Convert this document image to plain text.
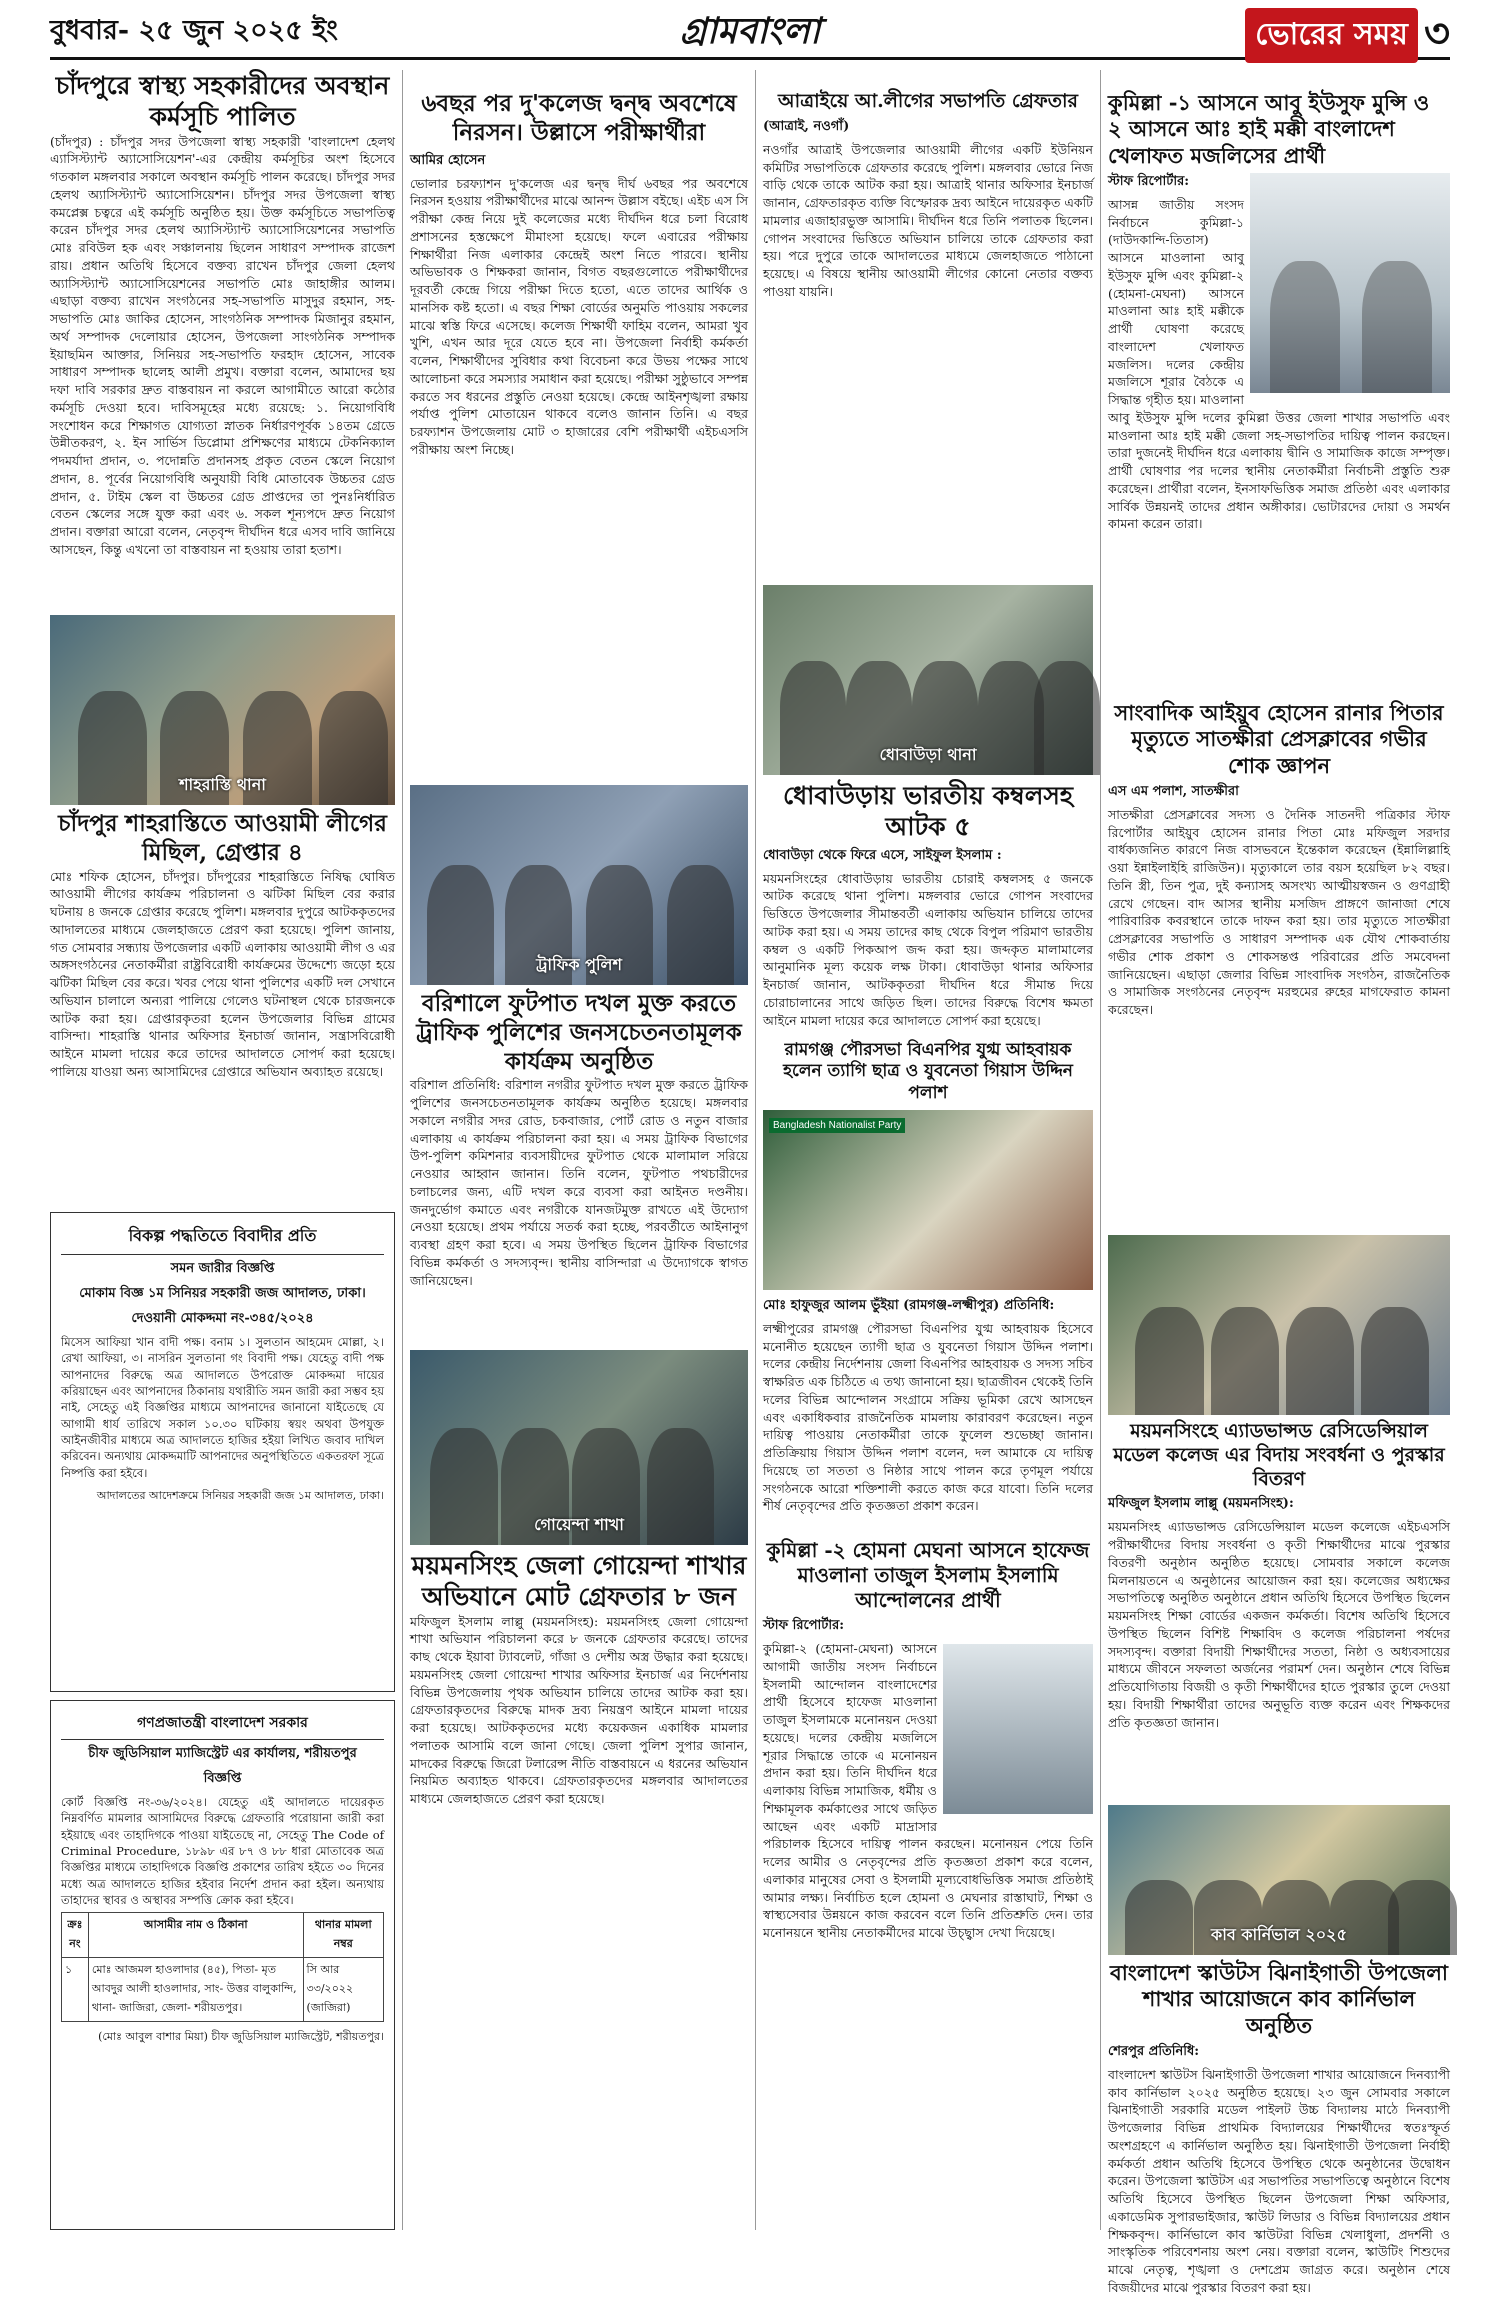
বুধবার- ২৫ জুন ২০২৫ ইং	গ্রামবাংলা	ভোরের সময় ৩
চাঁদপুরে স্বাস্থ্য সহকারীদের অবস্থান কর্মসূচি পালিত
(চাঁদপুর) : চাঁদপুর সদর উপজেলা স্বাস্থ্য সহকারী 'বাংলাদেশ হেলথ এ্যাসিস্ট্যান্ট অ্যাসোসিয়েশন'-এর কেন্দ্রীয় কর্মসূচির অংশ হিসেবে গতকাল মঙ্গলবার সকালে অবস্থান কর্মসূচি পালন করেছে। চাঁদপুর সদর হেলথ অ্যাসিস্ট্যান্ট অ্যাসোসিয়েশন। চাঁদপুর সদর উপজেলা স্বাস্থ্য কমপ্লেক্স চত্বরে এই কর্মসূচি অনুষ্ঠিত হয়। উক্ত কর্মসূচিতে সভাপতিত্ব করেন চাঁদপুর সদর হেলথ অ্যাসিস্ট্যান্ট অ্যাসোসিয়েশনের সভাপতি মোঃ রবিউল হক এবং সঞ্চালনায় ছিলেন সাধারণ সম্পাদক রাজেশ রায়। প্রধান অতিথি হিসেবে বক্তব্য রাখেন চাঁদপুর জেলা হেলথ অ্যাসিস্ট্যান্ট অ্যাসোসিয়েশনের সভাপতি মোঃ জাহাঙ্গীর আলম। এছাড়া বক্তব্য রাখেন সংগঠনের সহ-সভাপতি মাসুদুর রহমান, সহ-সভাপতি মোঃ জাকির হোসেন, সাংগঠনিক সম্পাদক মিজানুর রহমান, অর্থ সম্পাদক দেলোয়ার হোসেন, উপজেলা সাংগঠনিক সম্পাদক ইয়াছমিন আক্তার, সিনিয়র সহ-সভাপতি ফরহাদ হোসেন, সাবেক সাধারণ সম্পাদক ছালেহ আলী প্রমুখ। বক্তারা বলেন, আমাদের ছয় দফা দাবি সরকার দ্রুত বাস্তবায়ন না করলে আগামীতে আরো কঠোর কর্মসূচি দেওয়া হবে। দাবিসমূহের মধ্যে রয়েছে: ১. নিয়োগবিধি সংশোধন করে শিক্ষাগত যোগ্যতা স্নাতক নির্ধারণপূর্বক ১৪তম গ্রেডে উন্নীতকরণ, ২. ইন সার্ভিস ডিপ্লোমা প্রশিক্ষণের মাধ্যমে টেকনিক্যাল পদমর্যাদা প্রদান, ৩. পদোন্নতি প্রদানসহ প্রকৃত বেতন স্কেলে নিয়োগ প্রদান, ৪. পূর্বের নিয়োগবিধি অনুযায়ী বিধি মোতাবেক উচ্চতর গ্রেড প্রদান, ৫. টাইম স্কেল বা উচ্চতর গ্রেড প্রাপ্তদের তা পুনঃনির্ধারিত বেতন স্কেলের সঙ্গে যুক্ত করা এবং ৬. সকল শূন্যপদে দ্রুত নিয়োগ প্রদান। বক্তারা আরো বলেন, নেতৃবৃন্দ দীর্ঘদিন ধরে এসব দাবি জানিয়ে আসছেন, কিন্তু এখনো তা বাস্তবায়ন না হওয়ায় তারা হতাশ।
শাহরাস্তি থানা
চাঁদপুর শাহরাস্তিতে আওয়ামী লীগের মিছিল, গ্রেপ্তার ৪
মোঃ শফিক হোসেন, চাঁদপুর। চাঁদপুরের শাহরাস্তিতে নিষিদ্ধ ঘোষিত আওয়ামী লীগের কার্যক্রম পরিচালনা ও ঝটিকা মিছিল বের করার ঘটনায় ৪ জনকে গ্রেপ্তার করেছে পুলিশ। মঙ্গলবার দুপুরে আটককৃতদের আদালতের মাধ্যমে জেলহাজতে প্রেরণ করা হয়েছে। পুলিশ জানায়, গত সোমবার সন্ধ্যায় উপজেলার একটি এলাকায় আওয়ামী লীগ ও এর অঙ্গসংগঠনের নেতাকর্মীরা রাষ্ট্রবিরোধী কার্যক্রমের উদ্দেশ্যে জড়ো হয়ে ঝটিকা মিছিল বের করে। খবর পেয়ে থানা পুলিশের একটি দল সেখানে অভিযান চালালে অন্যরা পালিয়ে গেলেও ঘটনাস্থল থেকে চারজনকে আটক করা হয়। গ্রেপ্তারকৃতরা হলেন উপজেলার বিভিন্ন গ্রামের বাসিন্দা। শাহরাস্তি থানার অফিসার ইনচার্জ জানান, সন্ত্রাসবিরোধী আইনে মামলা দায়ের করে তাদের আদালতে সোপর্দ করা হয়েছে। পালিয়ে যাওয়া অন্য আসামিদের গ্রেপ্তারে অভিযান অব্যাহত রয়েছে।
বিকল্প পদ্ধতিতে বিবাদীর প্রতি
সমন জারীর বিজ্ঞপ্তি
মোকাম বিজ্ঞ ১ম সিনিয়র সহকারী জজ আদালত, ঢাকা।
দেওয়ানী মোকদ্দমা নং-৩৪৫/২০২৪
মিসেস আফিয়া খান বাদী পক্ষ। বনাম ১। সুলতান আহমেদ মোল্লা, ২। রেখা আফিয়া, ৩। নাসরিন সুলতানা গং বিবাদী পক্ষ। যেহেতু বাদী পক্ষ আপনাদের বিরুদ্ধে অত্র আদালতে উপরোক্ত মোকদ্দমা দায়ের করিয়াছেন এবং আপনাদের ঠিকানায় যথারীতি সমন জারী করা সম্ভব হয় নাই, সেহেতু এই বিজ্ঞপ্তির মাধ্যমে আপনাদের জানানো যাইতেছে যে আগামী ধার্য তারিখে সকাল ১০.৩০ ঘটিকায় স্বয়ং অথবা উপযুক্ত আইনজীবীর মাধ্যমে অত্র আদালতে হাজির হইয়া লিখিত জবাব দাখিল করিবেন। অন্যথায় মোকদ্দমাটি আপনাদের অনুপস্থিতিতে একতরফা সূত্রে নিষ্পত্তি করা হইবে।
আদালতের আদেশক্রমে সিনিয়র সহকারী জজ ১ম আদালত, ঢাকা।
গণপ্রজাতন্ত্রী বাংলাদেশ সরকার
চীফ জুডিসিয়াল ম্যাজিস্ট্রেট এর কার্যালয়, শরীয়তপুর
বিজ্ঞপ্তি
কোর্ট বিজ্ঞপ্তি নং-৩৬/২০২৪। যেহেতু এই আদালতে দায়েরকৃত নিম্নবর্ণিত মামলার আসামিদের বিরুদ্ধে গ্রেফতারি পরোয়ানা জারী করা হইয়াছে এবং তাহাদিগকে পাওয়া যাইতেছে না, সেহেতু The Code of Criminal Procedure, ১৮৯৮ এর ৮৭ ও ৮৮ ধারা মোতাবেক অত্র বিজ্ঞপ্তির মাধ্যমে তাহাদিগকে বিজ্ঞপ্তি প্রকাশের তারিখ হইতে ৩০ দিনের মধ্যে অত্র আদালতে হাজির হইবার নির্দেশ প্রদান করা হইল। অন্যথায় তাহাদের স্থাবর ও অস্থাবর সম্পত্তি ক্রোক করা হইবে।
ক্রঃ নং	আসামীর নাম ও ঠিকানা	থানার মামলা নম্বর
১	মোঃ আজমল হাওলাদার (৪৫), পিতা- মৃত আবদুর আলী হাওলাদার, সাং- উত্তর বালুকান্দি, থানা- জাজিরা, জেলা- শরীয়তপুর।	সি আর ৩৩/২০২২ (জাজিরা)
(মোঃ আবুল বাশার মিয়া) চীফ জুডিসিয়াল ম্যাজিস্ট্রেট, শরীয়তপুর।
৬বছর পর দু'কলেজ দ্বন্দ্ব অবশেষে নিরসন। উল্লাসে পরীক্ষার্থীরা
আমির হোসেন
ভোলার চরফ্যাশন দু'কলেজ এর দ্বন্দ্ব দীর্ঘ ৬বছর পর অবশেষে নিরসন হওয়ায় পরীক্ষার্থীদের মাঝে আনন্দ উল্লাস বইছে। এইচ এস সি পরীক্ষা কেন্দ্র নিয়ে দুই কলেজের মধ্যে দীর্ঘদিন ধরে চলা বিরোধ প্রশাসনের হস্তক্ষেপে মীমাংসা হয়েছে। ফলে এবারের পরীক্ষায় শিক্ষার্থীরা নিজ এলাকার কেন্দ্রেই অংশ নিতে পারবে। স্থানীয় অভিভাবক ও শিক্ষকরা জানান, বিগত বছরগুলোতে পরীক্ষার্থীদের দূরবর্তী কেন্দ্রে গিয়ে পরীক্ষা দিতে হতো, এতে তাদের আর্থিক ও মানসিক কষ্ট হতো। এ বছর শিক্ষা বোর্ডের অনুমতি পাওয়ায় সকলের মাঝে স্বস্তি ফিরে এসেছে। কলেজ শিক্ষার্থী ফাহিম বলেন, আমরা খুব খুশি, এখন আর দূরে যেতে হবে না। উপজেলা নির্বাহী কর্মকর্তা বলেন, শিক্ষার্থীদের সুবিধার কথা বিবেচনা করে উভয় পক্ষের সাথে আলোচনা করে সমস্যার সমাধান করা হয়েছে। পরীক্ষা সুষ্ঠুভাবে সম্পন্ন করতে সব ধরনের প্রস্তুতি নেওয়া হয়েছে। কেন্দ্রে আইনশৃঙ্খলা রক্ষায় পর্যাপ্ত পুলিশ মোতায়েন থাকবে বলেও জানান তিনি। এ বছর চরফ্যাশন উপজেলায় মোট ৩ হাজারের বেশি পরীক্ষার্থী এইচএসসি পরীক্ষায় অংশ নিচ্ছে।
ট্রাফিক পুলিশ
বরিশালে ফুটপাত দখল মুক্ত করতে ট্রাফিক পুলিশের জনসচেতনতামূলক কার্যক্রম অনুষ্ঠিত
বরিশাল প্রতিনিধি: বরিশাল নগরীর ফুটপাত দখল মুক্ত করতে ট্রাফিক পুলিশের জনসচেতনতামূলক কার্যক্রম অনুষ্ঠিত হয়েছে। মঙ্গলবার সকালে নগরীর সদর রোড, চকবাজার, পোর্ট রোড ও নতুন বাজার এলাকায় এ কার্যক্রম পরিচালনা করা হয়। এ সময় ট্রাফিক বিভাগের উপ-পুলিশ কমিশনার ব্যবসায়ীদের ফুটপাত থেকে মালামাল সরিয়ে নেওয়ার আহ্বান জানান। তিনি বলেন, ফুটপাত পথচারীদের চলাচলের জন্য, এটি দখল করে ব্যবসা করা আইনত দণ্ডনীয়। জনদুর্ভোগ কমাতে এবং নগরীকে যানজটমুক্ত রাখতে এই উদ্যোগ নেওয়া হয়েছে। প্রথম পর্যায়ে সতর্ক করা হচ্ছে, পরবর্তীতে আইনানুগ ব্যবস্থা গ্রহণ করা হবে। এ সময় উপস্থিত ছিলেন ট্রাফিক বিভাগের বিভিন্ন কর্মকর্তা ও সদস্যবৃন্দ। স্থানীয় বাসিন্দারা এ উদ্যোগকে স্বাগত জানিয়েছেন।
গোয়েন্দা শাখা
ময়মনসিংহ জেলা গোয়েন্দা শাখার অভিযানে মোট গ্রেফতার ৮ জন
মফিজুল ইসলাম লাল্লু (ময়মনসিংহ): ময়মনসিংহ জেলা গোয়েন্দা শাখা অভিযান পরিচালনা করে ৮ জনকে গ্রেফতার করেছে। তাদের কাছ থেকে ইয়াবা ট্যাবলেট, গাঁজা ও দেশীয় অস্ত্র উদ্ধার করা হয়েছে। ময়মনসিংহ জেলা গোয়েন্দা শাখার অফিসার ইনচার্জ এর নির্দেশনায় বিভিন্ন উপজেলায় পৃথক অভিযান চালিয়ে তাদের আটক করা হয়। গ্রেফতারকৃতদের বিরুদ্ধে মাদক দ্রব্য নিয়ন্ত্রণ আইনে মামলা দায়ের করা হয়েছে। আটককৃতদের মধ্যে কয়েকজন একাধিক মামলার পলাতক আসামি বলে জানা গেছে। জেলা পুলিশ সুপার জানান, মাদকের বিরুদ্ধে জিরো টলারেন্স নীতি বাস্তবায়নে এ ধরনের অভিযান নিয়মিত অব্যাহত থাকবে। গ্রেফতারকৃতদের মঙ্গলবার আদালতের মাধ্যমে জেলহাজতে প্রেরণ করা হয়েছে।
আত্রাইয়ে আ.লীগের সভাপতি গ্রেফতার
(আত্রাই, নওগাঁ)
নওগাঁর আত্রাই উপজেলার আওয়ামী লীগের একটি ইউনিয়ন কমিটির সভাপতিকে গ্রেফতার করেছে পুলিশ। মঙ্গলবার ভোরে নিজ বাড়ি থেকে তাকে আটক করা হয়। আত্রাই থানার অফিসার ইনচার্জ জানান, গ্রেফতারকৃত ব্যক্তি বিস্ফোরক দ্রব্য আইনে দায়েরকৃত একটি মামলার এজাহারভুক্ত আসামি। দীর্ঘদিন ধরে তিনি পলাতক ছিলেন। গোপন সংবাদের ভিত্তিতে অভিযান চালিয়ে তাকে গ্রেফতার করা হয়। পরে দুপুরে তাকে আদালতের মাধ্যমে জেলহাজতে পাঠানো হয়েছে। এ বিষয়ে স্থানীয় আওয়ামী লীগের কোনো নেতার বক্তব্য পাওয়া যায়নি।
ধোবাউড়া থানা
ধোবাউড়ায় ভারতীয় কম্বলসহ আটক ৫
ধোবাউড়া থেকে ফিরে এসে, সাইফুল ইসলাম :
ময়মনসিংহের ধোবাউড়ায় ভারতীয় চোরাই কম্বলসহ ৫ জনকে আটক করেছে থানা পুলিশ। মঙ্গলবার ভোরে গোপন সংবাদের ভিত্তিতে উপজেলার সীমান্তবর্তী এলাকায় অভিযান চালিয়ে তাদের আটক করা হয়। এ সময় তাদের কাছ থেকে বিপুল পরিমাণ ভারতীয় কম্বল ও একটি পিকআপ জব্দ করা হয়। জব্দকৃত মালামালের আনুমানিক মূল্য কয়েক লক্ষ টাকা। ধোবাউড়া থানার অফিসার ইনচার্জ জানান, আটককৃতরা দীর্ঘদিন ধরে সীমান্ত দিয়ে চোরাচালানের সাথে জড়িত ছিল। তাদের বিরুদ্ধে বিশেষ ক্ষমতা আইনে মামলা দায়ের করে আদালতে সোপর্দ করা হয়েছে।
রামগঞ্জ পৌরসভা বিএনপির যুগ্ম আহবায়ক হলেন ত্যাগি ছাত্র ও যুবনেতা গিয়াস উদ্দিন পলাশ
Bangladesh Nationalist Party
মোঃ হাফুজুর আলম ভুঁইয়া (রামগঞ্জ-লক্ষ্মীপুর) প্রতিনিধি:
লক্ষ্মীপুরের রামগঞ্জ পৌরসভা বিএনপির যুগ্ম আহবায়ক হিসেবে মনোনীত হয়েছেন ত্যাগী ছাত্র ও যুবনেতা গিয়াস উদ্দিন পলাশ। দলের কেন্দ্রীয় নির্দেশনায় জেলা বিএনপির আহবায়ক ও সদস্য সচিব স্বাক্ষরিত এক চিঠিতে এ তথ্য জানানো হয়। ছাত্রজীবন থেকেই তিনি দলের বিভিন্ন আন্দোলন সংগ্রামে সক্রিয় ভূমিকা রেখে আসছেন এবং একাধিকবার রাজনৈতিক মামলায় কারাবরণ করেছেন। নতুন দায়িত্ব পাওয়ায় নেতাকর্মীরা তাকে ফুলেল শুভেচ্ছা জানান। প্রতিক্রিয়ায় গিয়াস উদ্দিন পলাশ বলেন, দল আমাকে যে দায়িত্ব দিয়েছে তা সততা ও নিষ্ঠার সাথে পালন করে তৃণমূল পর্যায়ে সংগঠনকে আরো শক্তিশালী করতে কাজ করে যাবো। তিনি দলের শীর্ষ নেতৃবৃন্দের প্রতি কৃতজ্ঞতা প্রকাশ করেন।
কুমিল্লা -২ হোমনা মেঘনা আসনে হাফেজ মাওলানা তাজুল ইসলাম ইসলামি আন্দোলনের প্রার্থী
স্টাফ রিপোর্টার:
কুমিল্লা-২ (হোমনা-মেঘনা) আসনে আগামী জাতীয় সংসদ নির্বাচনে ইসলামী আন্দোলন বাংলাদেশের প্রার্থী হিসেবে হাফেজ মাওলানা তাজুল ইসলামকে মনোনয়ন দেওয়া হয়েছে। দলের কেন্দ্রীয় মজলিসে শূরার সিদ্ধান্তে তাকে এ মনোনয়ন প্রদান করা হয়। তিনি দীর্ঘদিন ধরে এলাকায় বিভিন্ন সামাজিক, ধর্মীয় ও শিক্ষামূলক কর্মকাণ্ডের সাথে জড়িত আছেন এবং একটি মাদ্রাসার পরিচালক হিসেবে দায়িত্ব পালন করছেন। মনোনয়ন পেয়ে তিনি দলের আমীর ও নেতৃবৃন্দের প্রতি কৃতজ্ঞতা প্রকাশ করে বলেন, এলাকার মানুষের সেবা ও ইসলামী মূল্যবোধভিত্তিক সমাজ প্রতিষ্ঠাই আমার লক্ষ্য। নির্বাচিত হলে হোমনা ও মেঘনার রাস্তাঘাট, শিক্ষা ও স্বাস্থ্যসেবার উন্নয়নে কাজ করবেন বলে তিনি প্রতিশ্রুতি দেন। তার মনোনয়নে স্থানীয় নেতাকর্মীদের মাঝে উচ্ছ্বাস দেখা দিয়েছে।
কুমিল্লা -১ আসনে আবু ইউসুফ মুন্সি ও ২ আসনে আঃ হাই মক্কী বাংলাদেশ খেলাফত মজলিসের প্রার্থী
স্টাফ রিপোর্টার:
আসন্ন জাতীয় সংসদ নির্বাচনে কুমিল্লা-১ (দাউদকান্দি-তিতাস) আসনে মাওলানা আবু ইউসুফ মুন্সি এবং কুমিল্লা-২ (হোমনা-মেঘনা) আসনে মাওলানা আঃ হাই মক্কীকে প্রার্থী ঘোষণা করেছে বাংলাদেশ খেলাফত মজলিস। দলের কেন্দ্রীয় মজলিসে শূরার বৈঠকে এ সিদ্ধান্ত গৃহীত হয়। মাওলানা আবু ইউসুফ মুন্সি দলের কুমিল্লা উত্তর জেলা শাখার সভাপতি এবং মাওলানা আঃ হাই মক্কী জেলা সহ-সভাপতির দায়িত্ব পালন করছেন। তারা দুজনেই দীর্ঘদিন ধরে এলাকায় দ্বীনি ও সামাজিক কাজে সম্পৃক্ত। প্রার্থী ঘোষণার পর দলের স্থানীয় নেতাকর্মীরা নির্বাচনী প্রস্তুতি শুরু করেছেন। প্রার্থীরা বলেন, ইনসাফভিত্তিক সমাজ প্রতিষ্ঠা এবং এলাকার সার্বিক উন্নয়নই তাদের প্রধান অঙ্গীকার। ভোটারদের দোয়া ও সমর্থন কামনা করেন তারা।
সাংবাদিক আইয়ুব হোসেন রানার পিতার মৃত্যুতে সাতক্ষীরা প্রেসক্লাবের গভীর শোক জ্ঞাপন
এস এম পলাশ, সাতক্ষীরা
সাতক্ষীরা প্রেসক্লাবের সদস্য ও দৈনিক সাতনদী পত্রিকার স্টাফ রিপোর্টার আইয়ুব হোসেন রানার পিতা মোঃ মফিজুল সরদার বার্ধক্যজনিত কারণে নিজ বাসভবনে ইন্তেকাল করেছেন (ইন্নালিল্লাহি ওয়া ইন্নাইলাইহি রাজিউন)। মৃত্যুকালে তার বয়স হয়েছিল ৮২ বছর। তিনি স্ত্রী, তিন পুত্র, দুই কন্যাসহ অসংখ্য আত্মীয়স্বজন ও গুণগ্রাহী রেখে গেছেন। বাদ আসর স্থানীয় মসজিদ প্রাঙ্গণে জানাজা শেষে পারিবারিক কবরস্থানে তাকে দাফন করা হয়। তার মৃত্যুতে সাতক্ষীরা প্রেসক্লাবের সভাপতি ও সাধারণ সম্পাদক এক যৌথ শোকবার্তায় গভীর শোক প্রকাশ ও শোকসন্তপ্ত পরিবারের প্রতি সমবেদনা জানিয়েছেন। এছাড়া জেলার বিভিন্ন সাংবাদিক সংগঠন, রাজনৈতিক ও সামাজিক সংগঠনের নেতৃবৃন্দ মরহুমের রুহের মাগফেরাত কামনা করেছেন।
ময়মনসিংহে এ্যাডভান্সড রেসিডেন্সিয়াল মডেল কলেজ এর বিদায় সংবর্ধনা ও পুরস্কার বিতরণ
মফিজুল ইসলাম লাল্লু (ময়মনসিংহ):
ময়মনসিংহ এ্যাডভান্সড রেসিডেন্সিয়াল মডেল কলেজে এইচএসসি পরীক্ষার্থীদের বিদায় সংবর্ধনা ও কৃতী শিক্ষার্থীদের মাঝে পুরস্কার বিতরণী অনুষ্ঠান অনুষ্ঠিত হয়েছে। সোমবার সকালে কলেজ মিলনায়তনে এ অনুষ্ঠানের আয়োজন করা হয়। কলেজের অধ্যক্ষের সভাপতিত্বে অনুষ্ঠিত অনুষ্ঠানে প্রধান অতিথি হিসেবে উপস্থিত ছিলেন ময়মনসিংহ শিক্ষা বোর্ডের একজন কর্মকর্তা। বিশেষ অতিথি হিসেবে উপস্থিত ছিলেন বিশিষ্ট শিক্ষাবিদ ও কলেজ পরিচালনা পর্ষদের সদস্যবৃন্দ। বক্তারা বিদায়ী শিক্ষার্থীদের সততা, নিষ্ঠা ও অধ্যবসায়ের মাধ্যমে জীবনে সফলতা অর্জনের পরামর্শ দেন। অনুষ্ঠান শেষে বিভিন্ন প্রতিযোগিতায় বিজয়ী ও কৃতী শিক্ষার্থীদের হাতে পুরস্কার তুলে দেওয়া হয়। বিদায়ী শিক্ষার্থীরা তাদের অনুভূতি ব্যক্ত করেন এবং শিক্ষকদের প্রতি কৃতজ্ঞতা জানান।
কাব কার্নিভাল ২০২৫
বাংলাদেশ স্কাউটস ঝিনাইগাতী উপজেলা শাখার আয়োজনে কাব কার্নিভাল অনুষ্ঠিত
শেরপুর প্রতিনিধি:
বাংলাদেশ স্কাউটস ঝিনাইগাতী উপজেলা শাখার আয়োজনে দিনব্যাপী কাব কার্নিভাল ২০২৫ অনুষ্ঠিত হয়েছে। ২৩ জুন সোমবার সকালে ঝিনাইগাতী সরকারি মডেল পাইলট উচ্চ বিদ্যালয় মাঠে দিনব্যাপী উপজেলার বিভিন্ন প্রাথমিক বিদ্যালয়ের শিক্ষার্থীদের স্বতঃস্ফূর্ত অংশগ্রহণে এ কার্নিভাল অনুষ্ঠিত হয়। ঝিনাইগাতী উপজেলা নির্বাহী কর্মকর্তা প্রধান অতিথি হিসেবে উপস্থিত থেকে অনুষ্ঠানের উদ্বোধন করেন। উপজেলা স্কাউটস এর সভাপতির সভাপতিত্বে অনুষ্ঠানে বিশেষ অতিথি হিসেবে উপস্থিত ছিলেন উপজেলা শিক্ষা অফিসার, একাডেমিক সুপারভাইজার, স্কাউট লিডার ও বিভিন্ন বিদ্যালয়ের প্রধান শিক্ষকবৃন্দ। কার্নিভালে কাব স্কাউটরা বিভিন্ন খেলাধুলা, প্রদর্শনী ও সাংস্কৃতিক পরিবেশনায় অংশ নেয়। বক্তারা বলেন, স্কাউটিং শিশুদের মাঝে নেতৃত্ব, শৃঙ্খলা ও দেশপ্রেম জাগ্রত করে। অনুষ্ঠান শেষে বিজয়ীদের মাঝে পুরস্কার বিতরণ করা হয়।
